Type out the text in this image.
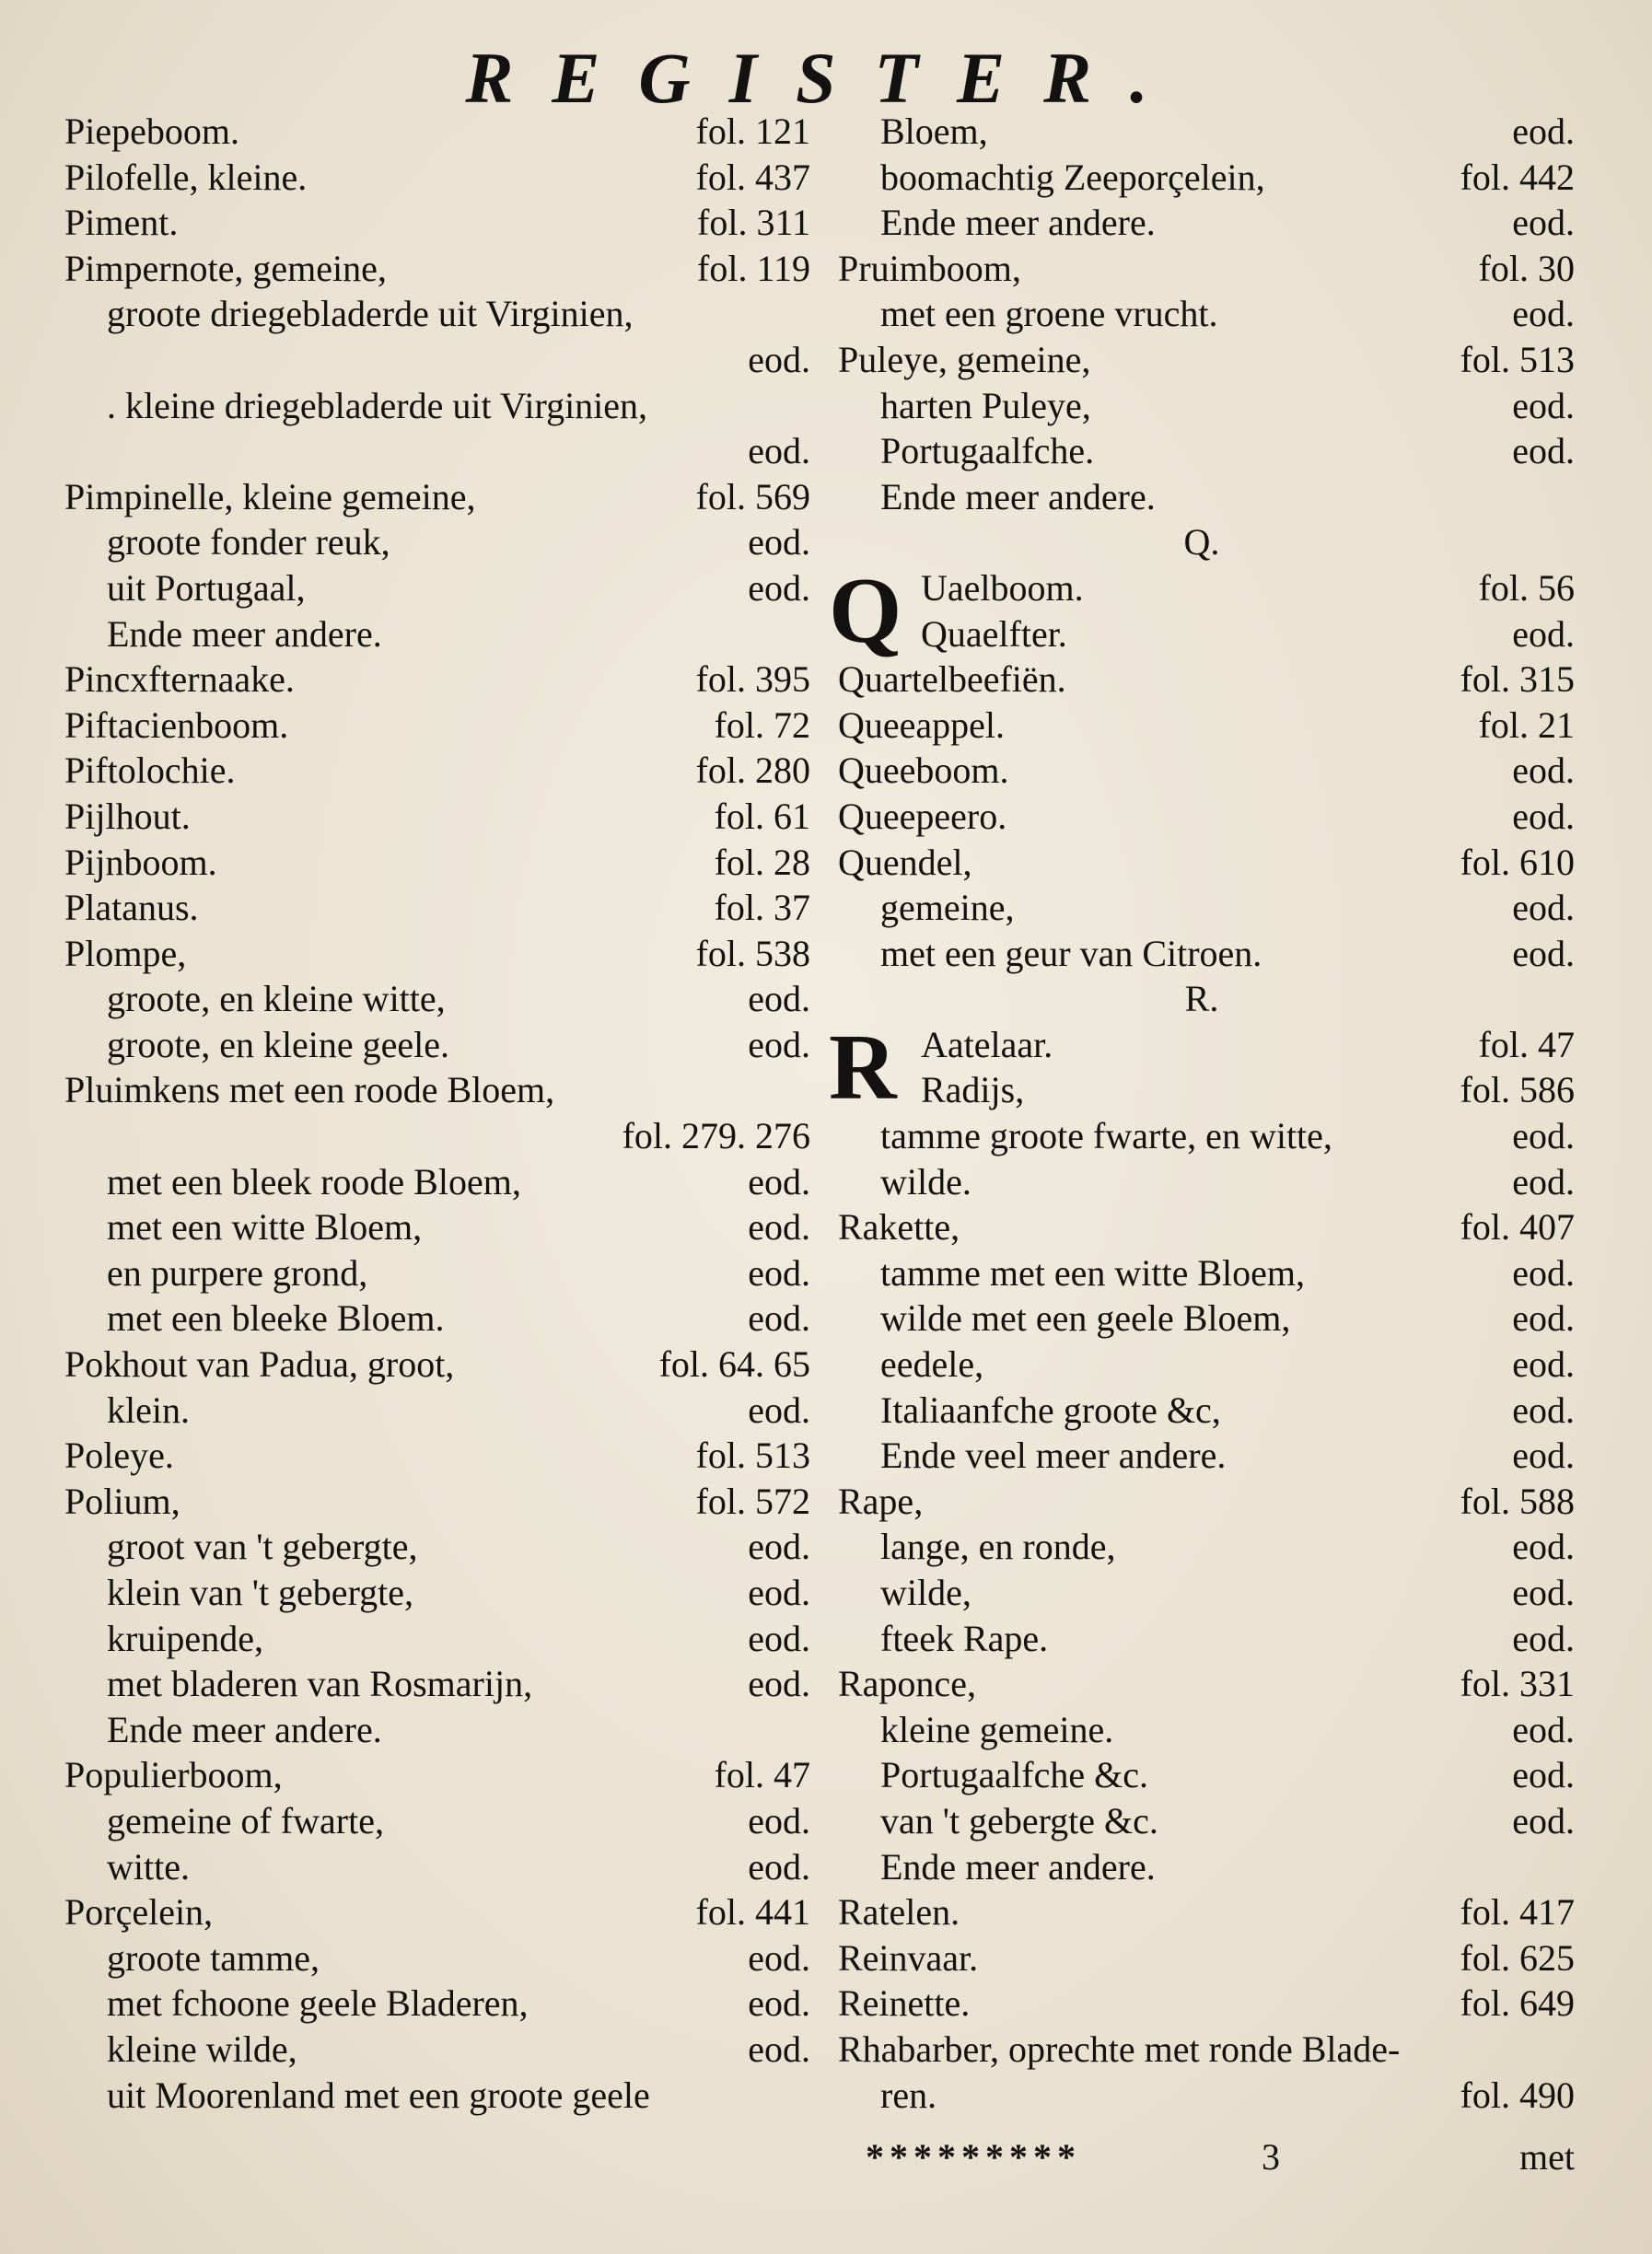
REGISTER.
Piepeboom.	fol. 121
Pilofelle, kleine.	fol. 437
Piment.	fol. 311
Pimpernote, gemeine,	fol. 119
groote driegebladerde uit Virginien,
eod.
. kleine driegebladerde uit Virginien,
eod.
Pimpinelle, kleine gemeine,	fol. 569
groote fonder reuk,	eod.
uit Portugaal,	eod.
Ende meer andere.
Pincxfternaake.	fol. 395
Piftacienboom.	fol. 72
Piftolochie.	fol. 280
Pijlhout.	fol. 61
Pijnboom.	fol. 28
Platanus.	fol. 37
Plompe,	fol. 538
groote, en kleine witte,	eod.
groote, en kleine geele.	eod.
Pluimkens met een roode Bloem,
fol. 279. 276
met een bleek roode Bloem,	eod.
met een witte Bloem,	eod.
en purpere grond,	eod.
met een bleeke Bloem.	eod.
Pokhout van Padua, groot,	fol. 64. 65
klein.	eod.
Poleye.	fol. 513
Polium,	fol. 572
groot van 't gebergte,	eod.
klein van 't gebergte,	eod.
kruipende,	eod.
met bladeren van Rosmarijn,	eod.
Ende meer andere.
Populierboom,	fol. 47
gemeine of fwarte,	eod.
witte.	eod.
Porçelein,	fol. 441
groote tamme,	eod.
met fchoone geele Bladeren,	eod.
kleine wilde,	eod.
uit Moorenland met een groote geele
Bloem,	eod.
boomachtig Zeeporçelein,	fol. 442
Ende meer andere.	eod.
Pruimboom,	fol. 30
met een groene vrucht.	eod.
Puleye, gemeine,	fol. 513
harten Puleye,	eod.
Portugaalfche.	eod.
Ende meer andere.
Q.
Q Uaelboom.	fol. 56
Quaelfter.	eod.
Quartelbeefiën.	fol. 315
Queeappel.	fol. 21
Queeboom.	eod.
Queepeero.	eod.
Quendel,	fol. 610
gemeine,	eod.
met een geur van Citroen.	eod.
R.
R Aatelaar.	fol. 47
Radijs,	fol. 586
tamme groote fwarte, en witte,	eod.
wilde.	eod.
Rakette,	fol. 407
tamme met een witte Bloem,	eod.
wilde met een geele Bloem,	eod.
eedele,	eod.
Italiaanfche groote &c,	eod.
Ende veel meer andere.	eod.
Rape,	fol. 588
lange, en ronde,	eod.
wilde,	eod.
fteek Rape.	eod.
Raponce,	fol. 331
kleine gemeine.	eod.
Portugaalfche &c.	eod.
van 't gebergte &c.	eod.
Ende meer andere.
Ratelen.	fol. 417
Reinvaar.	fol. 625
Reinette.	fol. 649
Rhabarber, oprechte met ronde Blade-
ren.	fol. 490
*********	3	met
